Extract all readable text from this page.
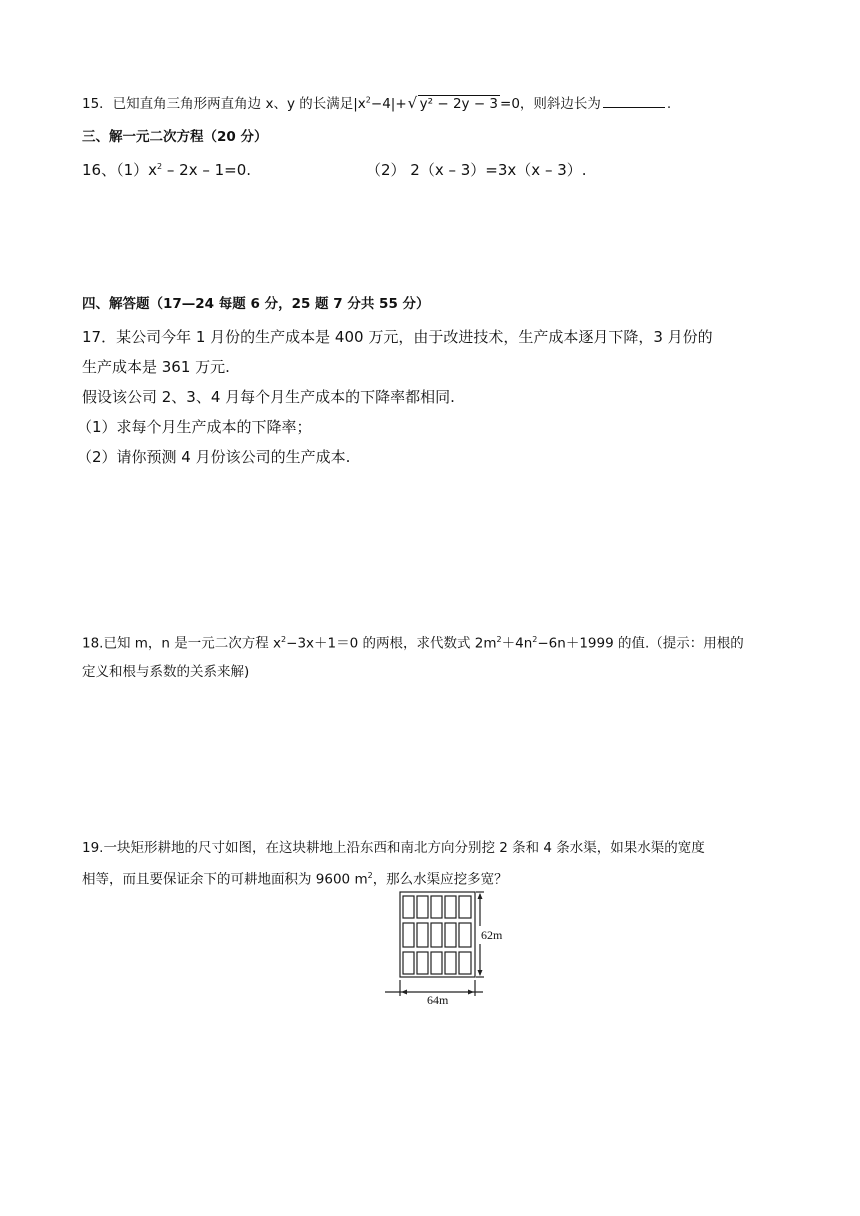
15．已知直角三角形两直角边 x、y 的长满足$|x^2-4|+√$ y² − 2y − 3 =0，则斜边长为	.
三、解一元二次方程（20 分）
16、$(1)x^2 - 2x - 1=0$.	（2） 2（x – 3）=3x（x – 3）.
四、解答题（17—24 每题 6 分，25 题 7 分共 55 分）
17．某公司今年 1 月份的生产成本是 400 万元，由于改进技术，生产成本逐月下降，3 月份的
生产成本是 361 万元.
假设该公司 2、3、4 月每个月生产成本的下降率都相同.
（1）求每个月生产成本的下降率；
（2）请你预测 4 月份该公司的生产成本.
18.已知 m，n 是一元二次方程 $x^2-3x+1=0$ 的两根，求代数式 $2m^2+4n^2-6n+1999$ 的值.（提示：用根的
定义和根与系数的关系来解)
19.一块矩形耕地的尺寸如图，在这块耕地上沿东西和南北方向分别挖 2 条和 4 条水渠，如果水渠的宽度
相等，而且要保证余下的可耕地面积为 9600 $m^2$，那么水渠应挖多宽？
62m
64m
